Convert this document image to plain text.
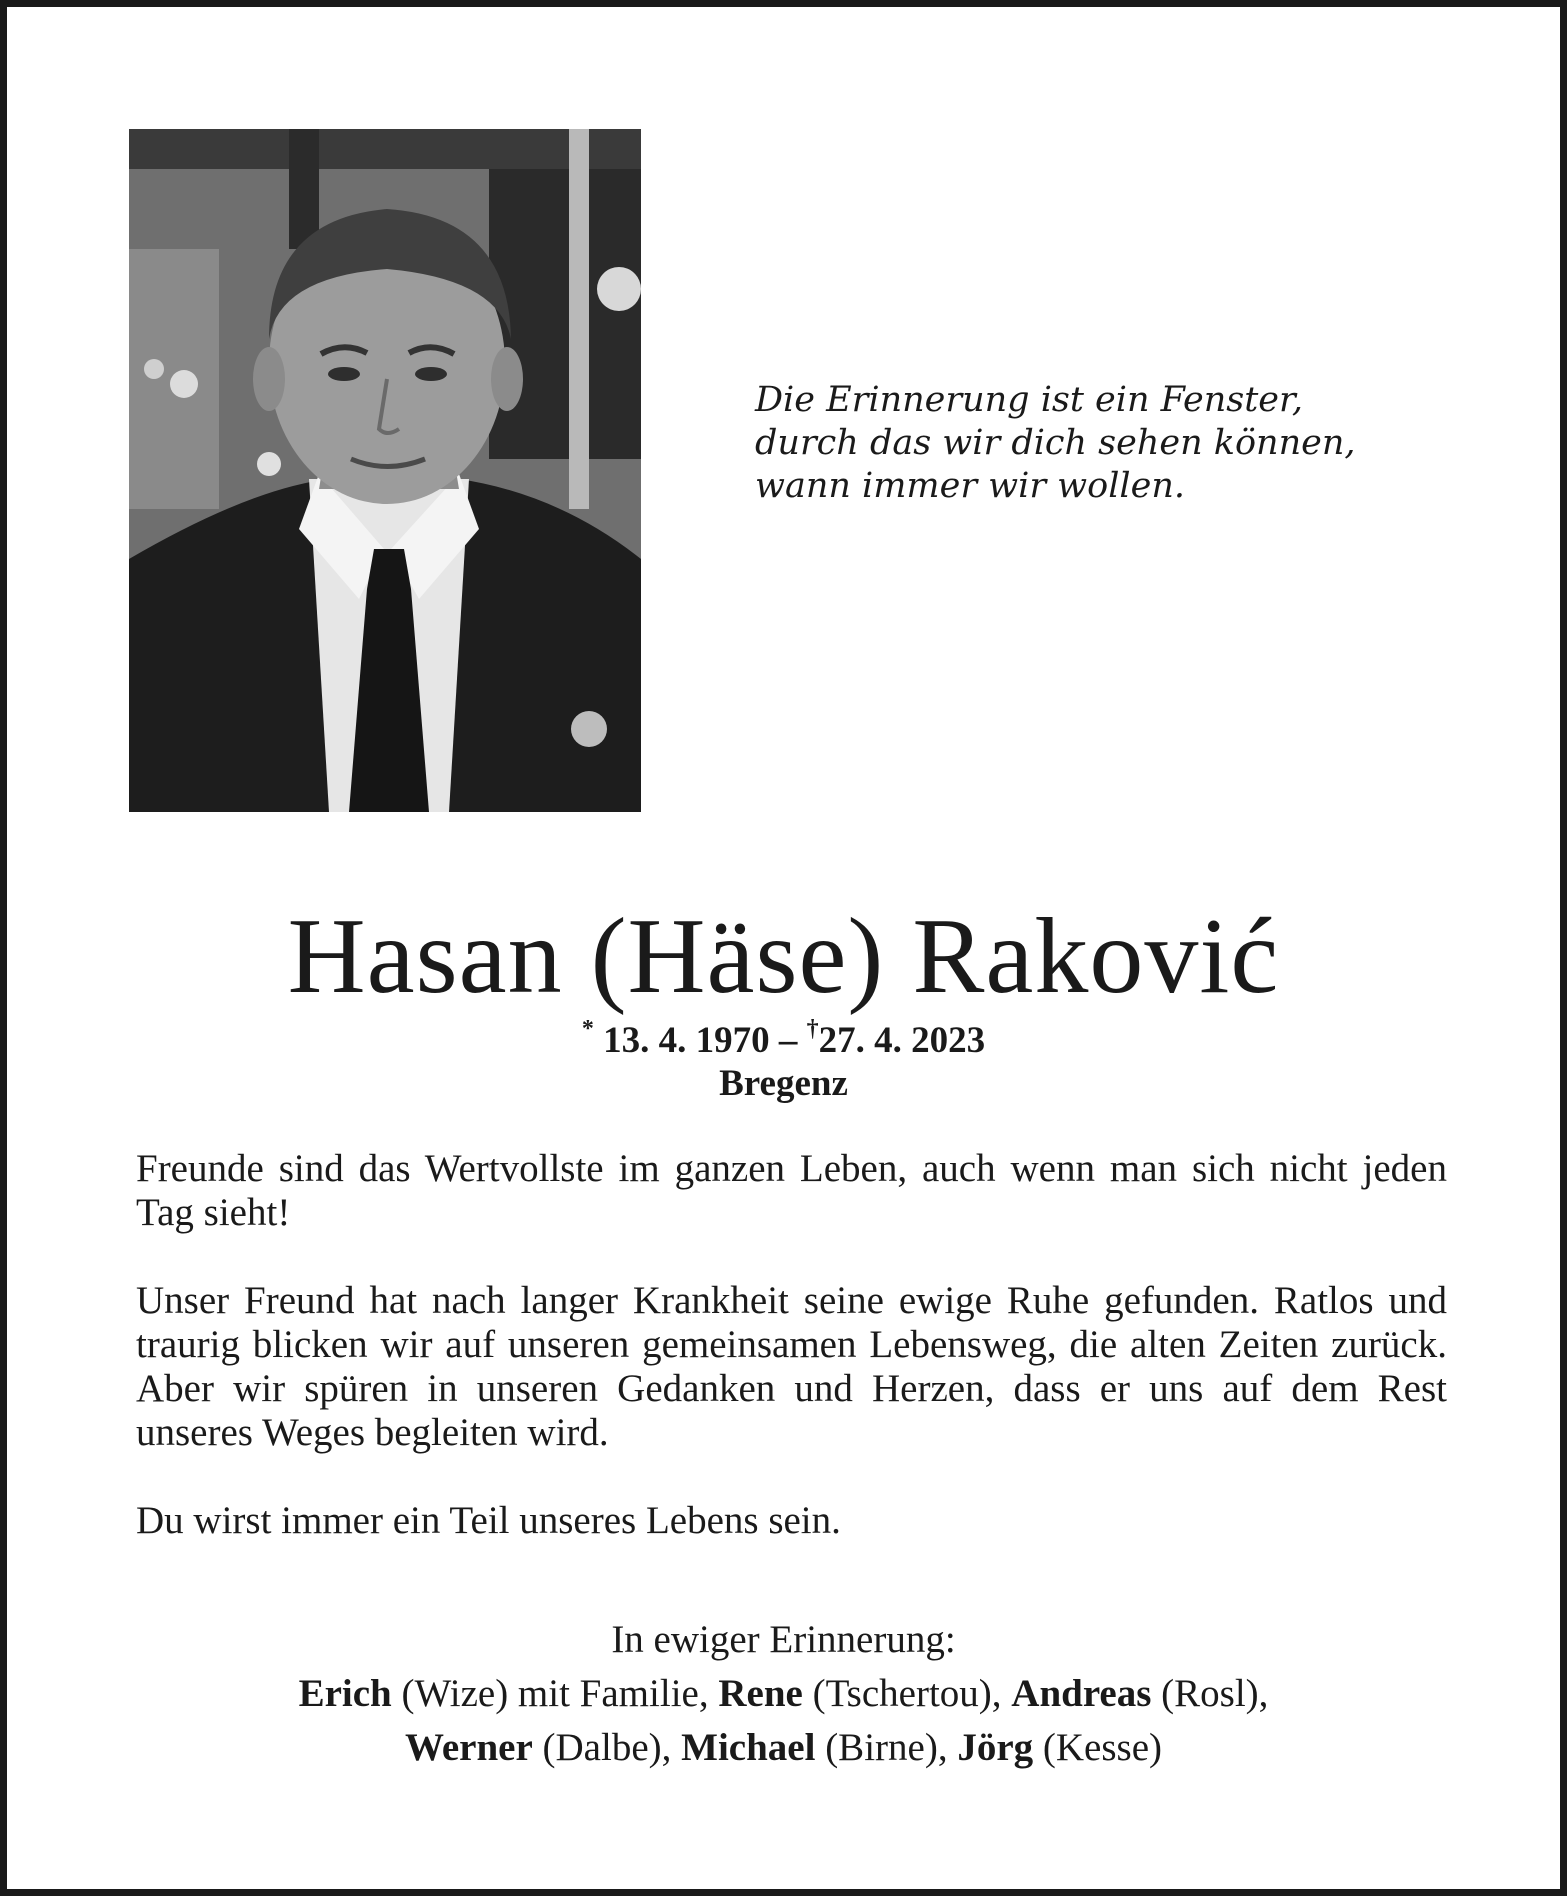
Die Erinnerung ist ein Fenster,
durch das wir dich sehen können,
wann immer wir wollen.
Hasan (Häse) Raković
* 13. 4. 1970 – †27. 4. 2023
Bregenz

Freunde sind das Wertvollste im ganzen Leben, auch wenn man sich nicht jeden Tag sieht!

Unser Freund hat nach langer Krankheit seine ewige Ruhe gefunden. Ratlos und traurig blicken wir auf unseren gemeinsamen Lebensweg, die alten Zeiten zurück. Aber wir spüren in unseren Gedanken und Herzen, dass er uns auf dem Rest unseres Weges begleiten wird.

Du wirst immer ein Teil unseres Lebens sein.

In ewiger Erinnerung:
Erich (Wize) mit Familie, Rene (Tschertou), Andreas (Rosl),
Werner (Dalbe), Michael (Birne), Jörg (Kesse)
